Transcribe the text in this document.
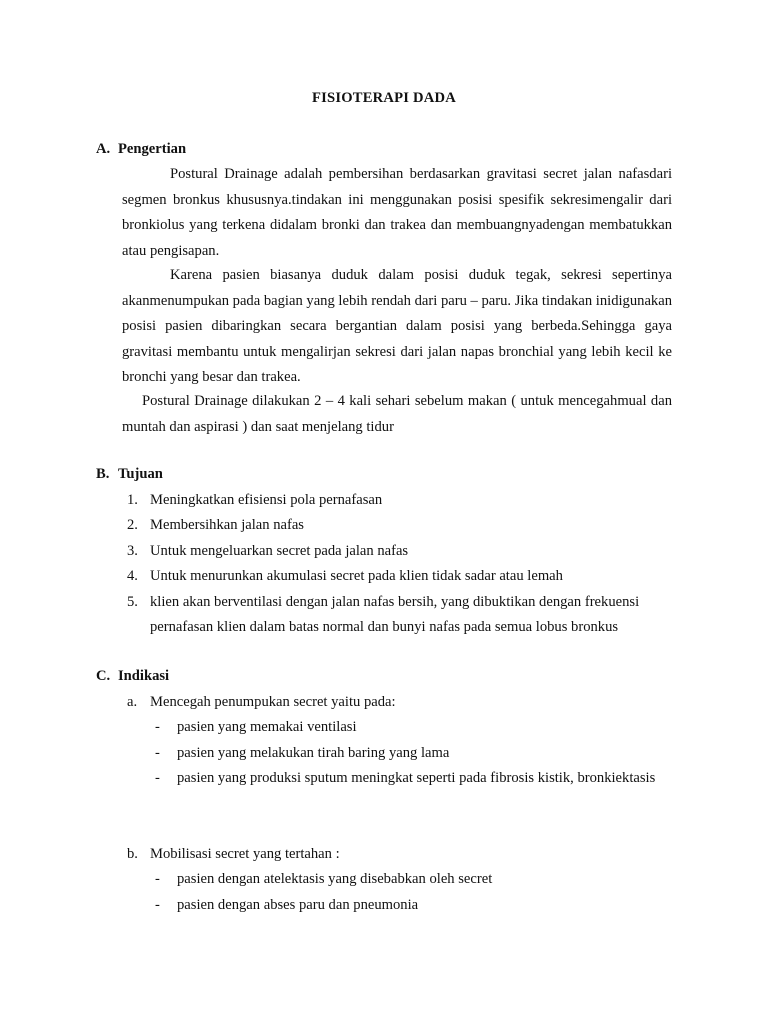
FISIOTERAPI DADA
A. Pengertian
Postural Drainage adalah pembersihan berdasarkan gravitasi secret jalan nafasdari segmen bronkus khususnya.tindakan ini menggunakan posisi spesifik sekresimengalir dari bronkiolus yang terkena didalam bronki dan trakea dan membuangnyadengan membatukkan atau pengisapan.
Karena pasien biasanya duduk dalam posisi duduk tegak, sekresi sepertinya akanmenumpukan pada bagian yang lebih rendah dari paru – paru. Jika tindakan inidigunakan posisi pasien dibaringkan secara bergantian dalam posisi yang berbeda.Sehingga gaya gravitasi membantu untuk mengalirjan sekresi dari jalan napas bronchial yang lebih kecil ke bronchi yang besar dan trakea.
Postural Drainage dilakukan 2 – 4 kali sehari sebelum makan ( untuk mencegahmual dan muntah dan aspirasi ) dan saat menjelang tidur
B. Tujuan
1. Meningkatkan efisiensi pola pernafasan
2. Membersihkan jalan nafas
3. Untuk mengeluarkan secret pada jalan nafas
4. Untuk menurunkan akumulasi secret pada klien tidak sadar atau lemah
5. klien akan berventilasi dengan jalan nafas bersih, yang dibuktikan dengan frekuensi pernafasan klien dalam batas normal dan bunyi nafas pada semua lobus bronkus
C. Indikasi
a. Mencegah penumpukan secret yaitu pada:
- pasien yang memakai ventilasi
- pasien yang melakukan tirah baring yang lama
- pasien yang produksi sputum meningkat seperti pada fibrosis kistik, bronkiektasis
b. Mobilisasi secret yang tertahan :
- pasien dengan atelektasis yang disebabkan oleh secret
- pasien dengan abses paru dan pneumonia
